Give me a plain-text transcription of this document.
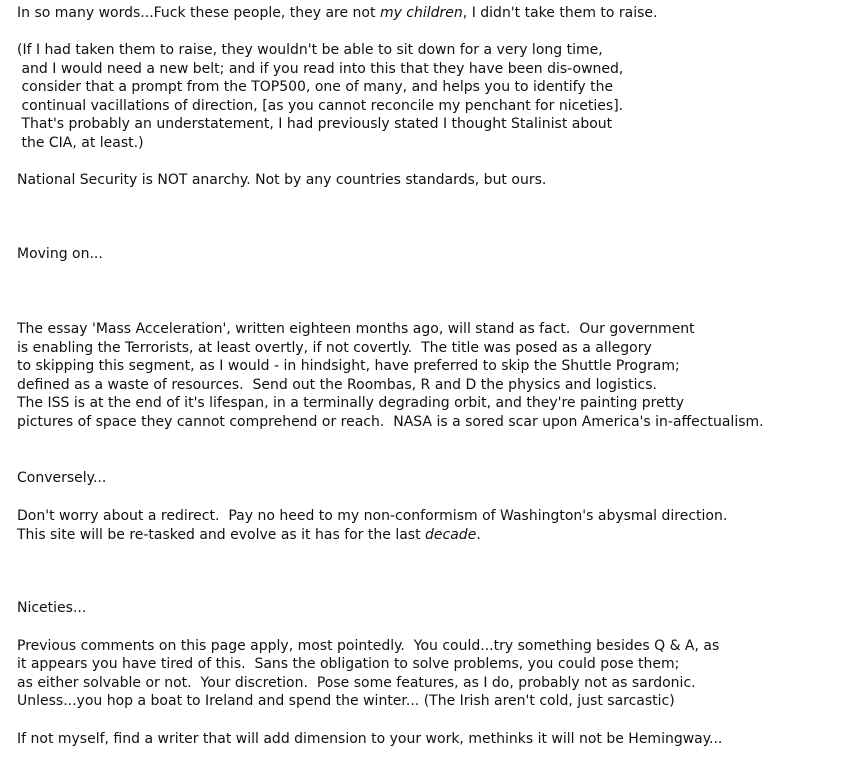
In so many words...Fuck these people, they are not my children, I didn't take them to raise.

(If I had taken them to raise, they wouldn't be able to sit down for a very long time,

and I would need a new belt; and if you read into this that they have been dis-owned,

consider that a prompt from the TOP500, one of many, and helps you to identify the

continual vacillations of direction, [as you cannot reconcile my penchant for niceties].

That's probably an understatement, I had previously stated I thought Stalinist about

the CIA, at least.)

National Security is NOT anarchy. Not by any countries standards, but ours.

Moving on...

The essay 'Mass Acceleration', written eighteen months ago, will stand as fact.  Our government

is enabling the Terrorists, at least overtly, if not covertly.  The title was posed as a allegory

to skipping this segment, as I would - in hindsight, have preferred to skip the Shuttle Program;

defined as a waste of resources.  Send out the Roombas, R and D the physics and logistics.

The ISS is at the end of it's lifespan, in a terminally degrading orbit, and they're painting pretty

pictures of space they cannot comprehend or reach.  NASA is a sored scar upon America's in-affectualism.

Conversely...

Don't worry about a redirect.  Pay no heed to my non-conformism of Washington's abysmal direction.

This site will be re-tasked and evolve as it has for the last decade.

Niceties...

Previous comments on this page apply, most pointedly.  You could...try something besides Q & A, as

it appears you have tired of this.  Sans the obligation to solve problems, you could pose them;

as either solvable or not.  Your discretion.  Pose some features, as I do, probably not as sardonic.

Unless...you hop a boat to Ireland and spend the winter... (The Irish aren't cold, just sarcastic)

If not myself, find a writer that will add dimension to your work, methinks it will not be Hemingway...
